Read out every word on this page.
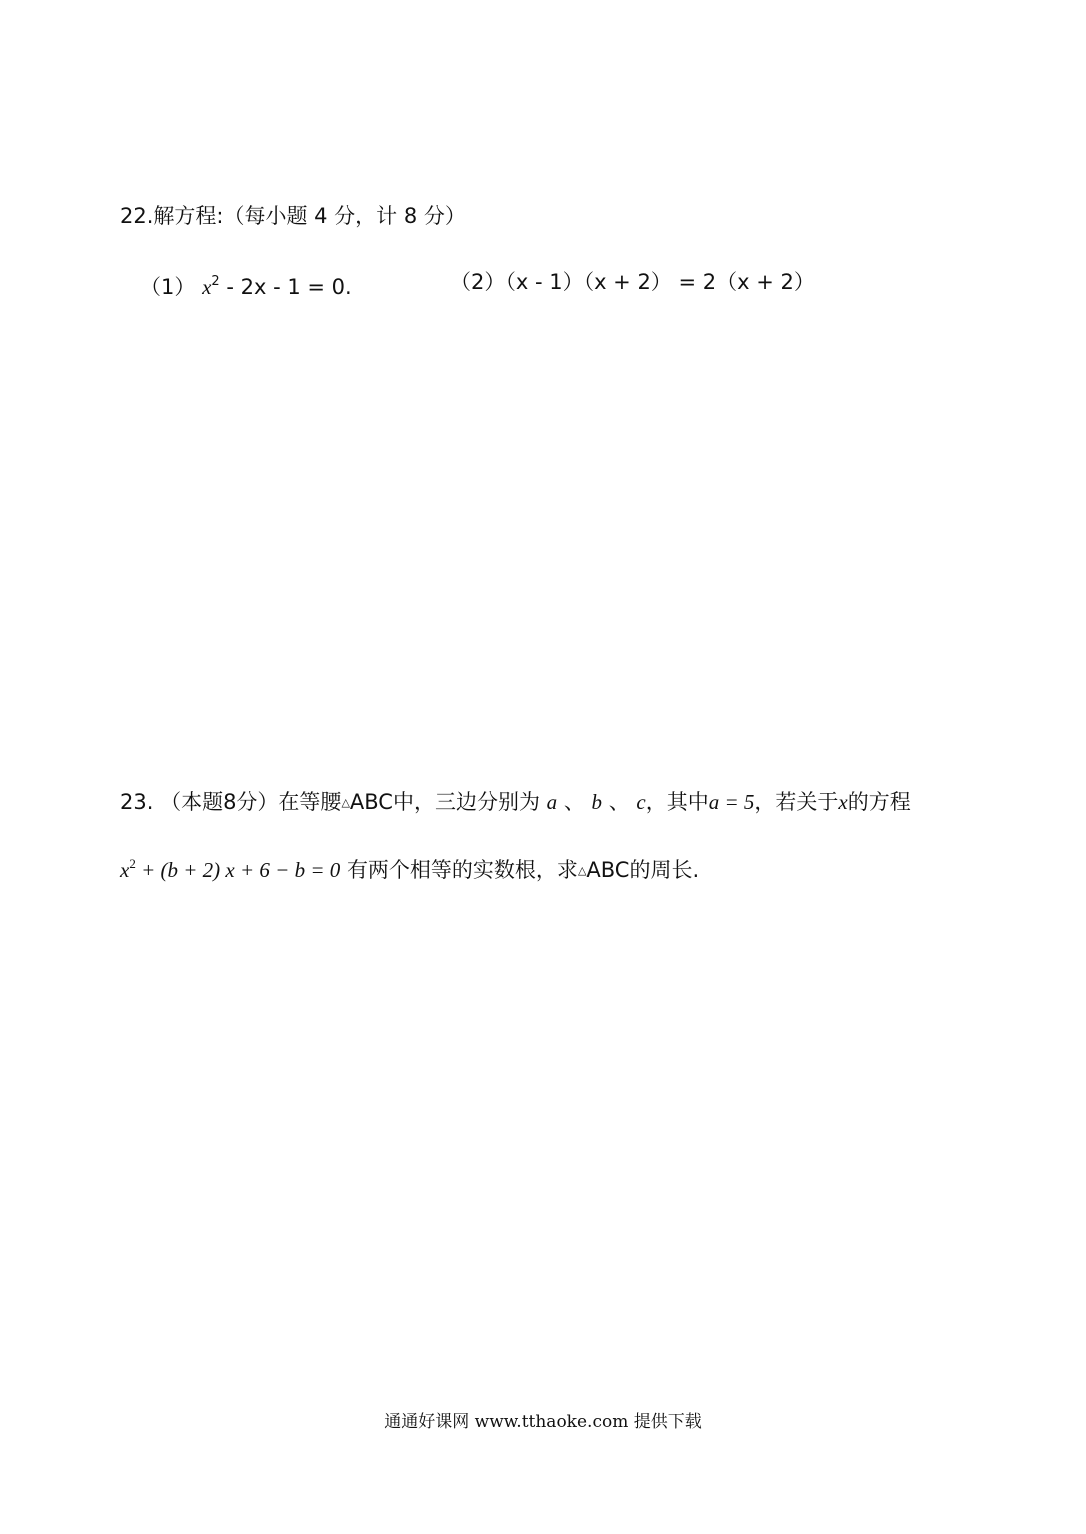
22.解方程:（每小题 4 分，计 8 分）
（1） $x^2 - 2x - 1 = 0$.	（2）（x - 1）（x + 2） = 2（x + 2）
23. （本题8分）在等腰△ABC中，三边分别为 a 、 b 、 c，其中a = 5，若关于x的方程
$x^2 + (b + 2) x + 6 - b = 0$ 有两个相等的实数根，求△ABC的周长.
通通好课网 www.tthaoke.com 提供下载
